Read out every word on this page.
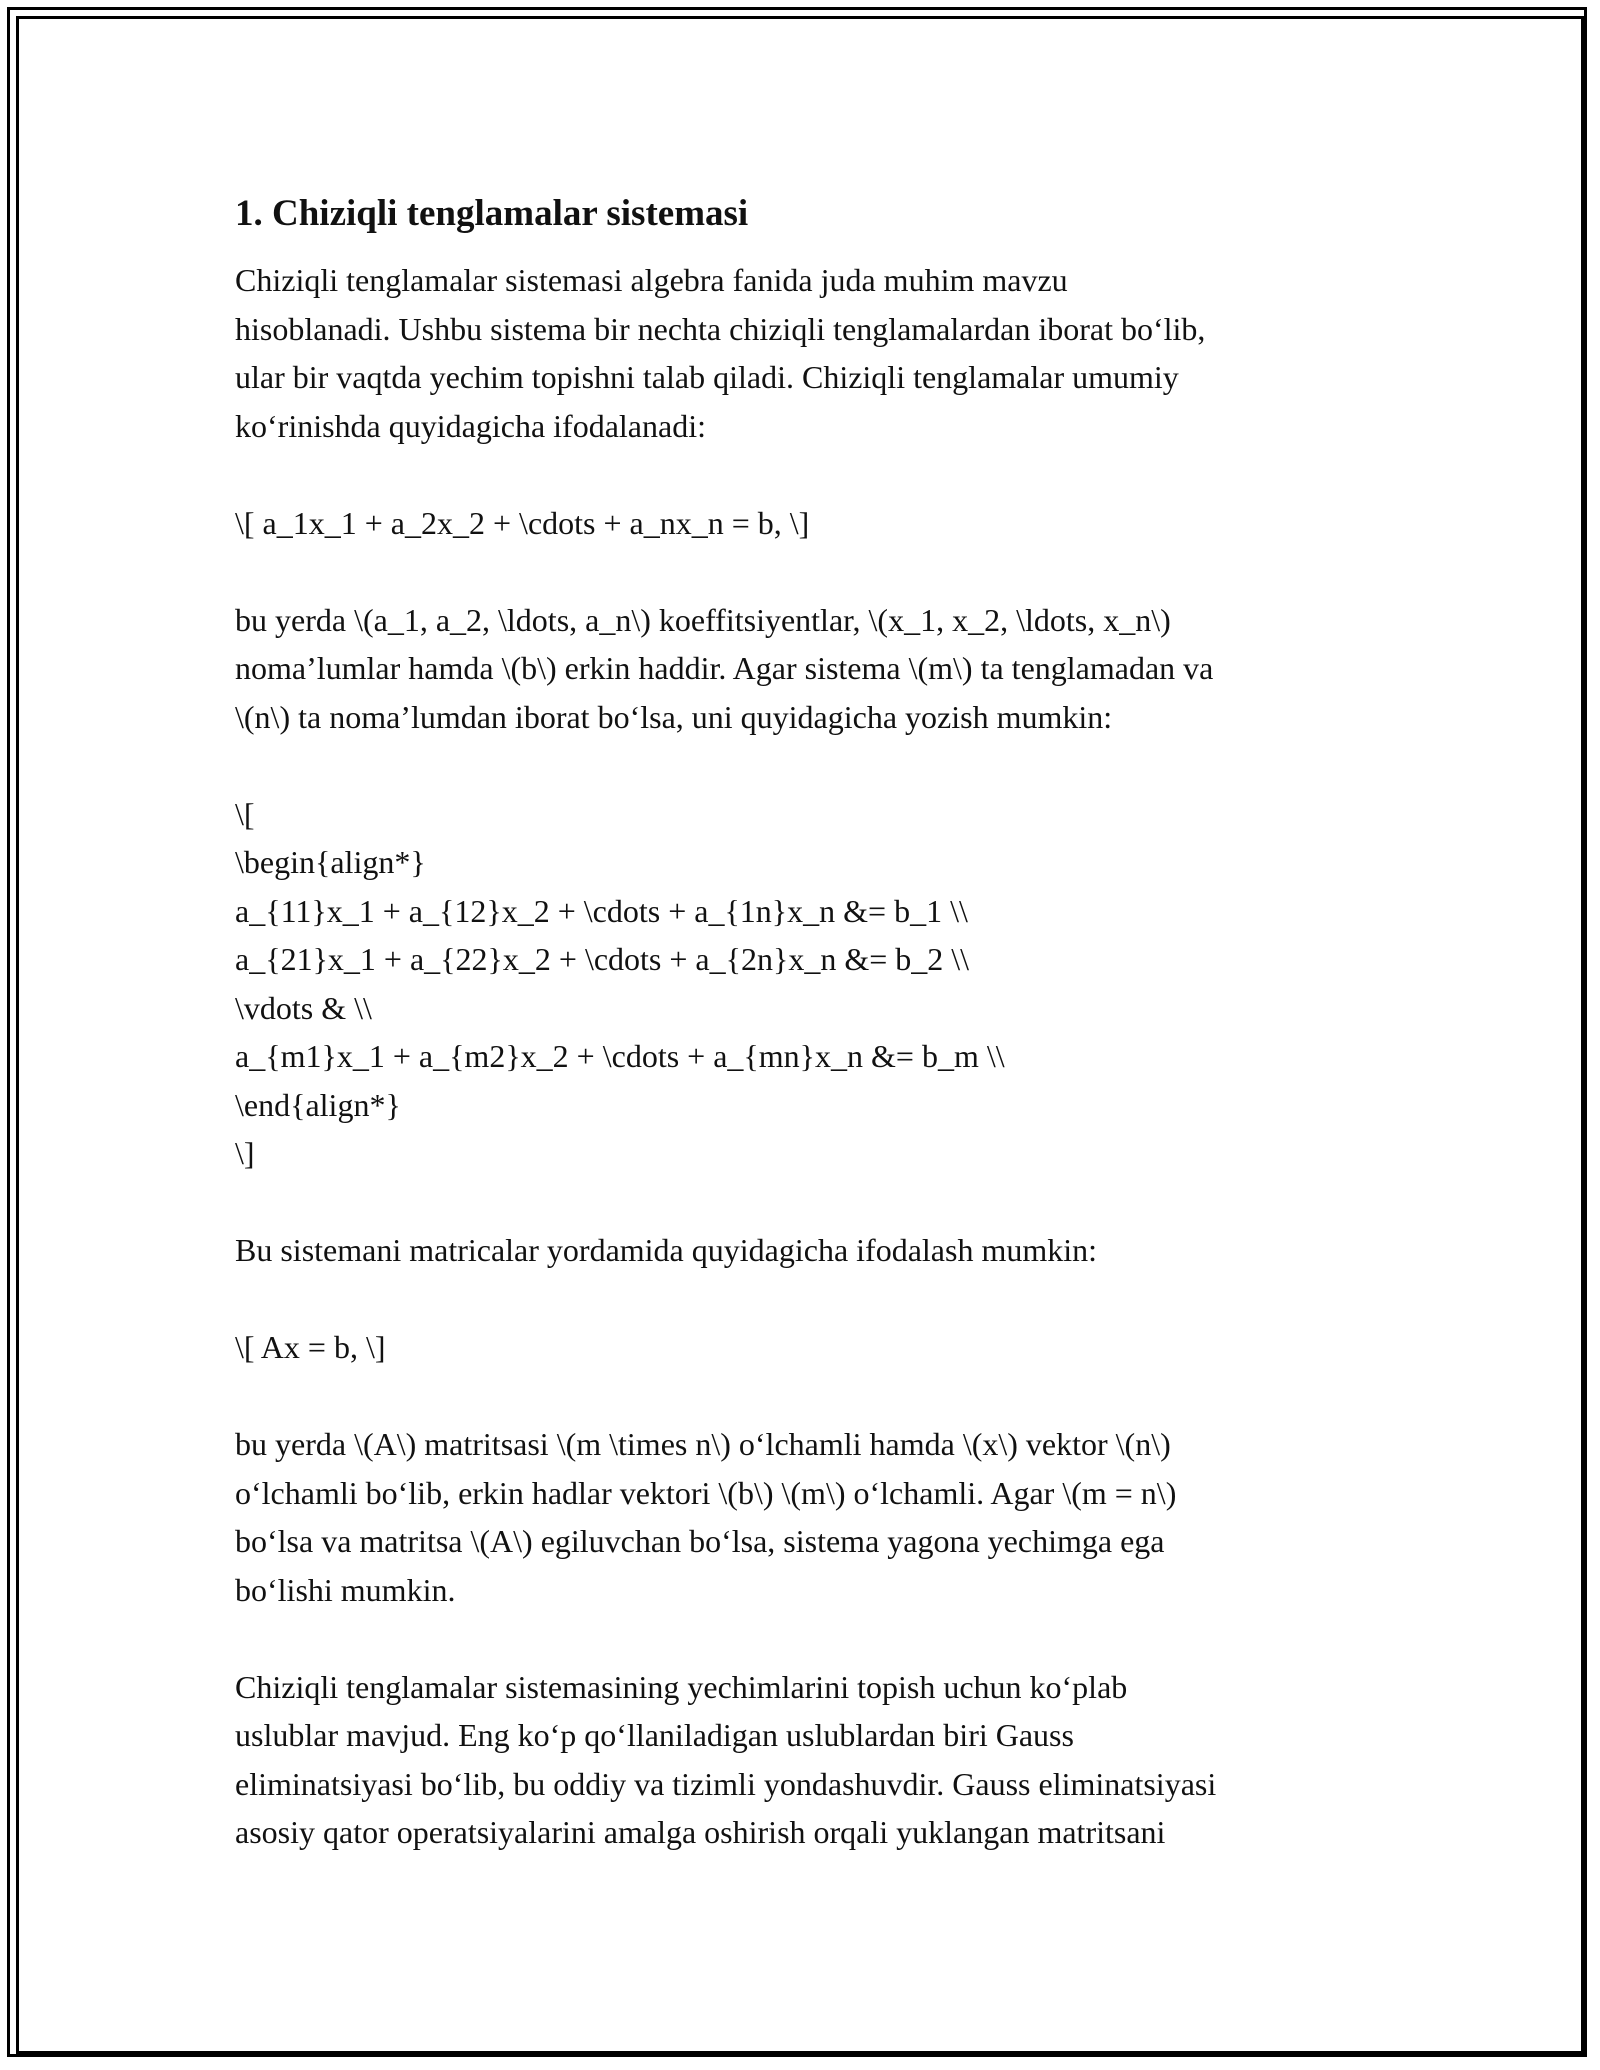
1. Chiziqli tenglamalar sistemasi
Chiziqli tenglamalar sistemasi algebra fanida juda muhim mavzu
hisoblanadi. Ushbu sistema bir nechta chiziqli tenglamalardan iborat bo‘lib,
ular bir vaqtda yechim topishni talab qiladi. Chiziqli tenglamalar umumiy
ko‘rinishda quyidagicha ifodalanadi:
\[ a_1x_1 + a_2x_2 + \cdots + a_nx_n = b, \]
bu yerda \(a_1, a_2, \ldots, a_n\) koeffitsiyentlar, \(x_1, x_2, \ldots, x_n\)
noma’lumlar hamda \(b\) erkin haddir. Agar sistema \(m\) ta tenglamadan va
\(n\) ta noma’lumdan iborat bo‘lsa, uni quyidagicha yozish mumkin:
\[
\begin{align*}
a_{11}x_1 + a_{12}x_2 + \cdots + a_{1n}x_n &= b_1 \\
a_{21}x_1 + a_{22}x_2 + \cdots + a_{2n}x_n &= b_2 \\
\vdots & \\
a_{m1}x_1 + a_{m2}x_2 + \cdots + a_{mn}x_n &= b_m \\
\end{align*}
\]
Bu sistemani matricalar yordamida quyidagicha ifodalash mumkin:
\[ Ax = b, \]
bu yerda \(A\) matritsasi \(m \times n\) o‘lchamli hamda \(x\) vektor \(n\)
o‘lchamli bo‘lib, erkin hadlar vektori \(b\) \(m\) o‘lchamli. Agar \(m = n\)
bo‘lsa va matritsa \(A\) egiluvchan bo‘lsa, sistema yagona yechimga ega
bo‘lishi mumkin.
Chiziqli tenglamalar sistemasining yechimlarini topish uchun ko‘plab
uslublar mavjud. Eng ko‘p qo‘llaniladigan uslublardan biri Gauss
eliminatsiyasi bo‘lib, bu oddiy va tizimli yondashuvdir. Gauss eliminatsiyasi
asosiy qator operatsiyalarini amalga oshirish orqali yuklangan matritsani
